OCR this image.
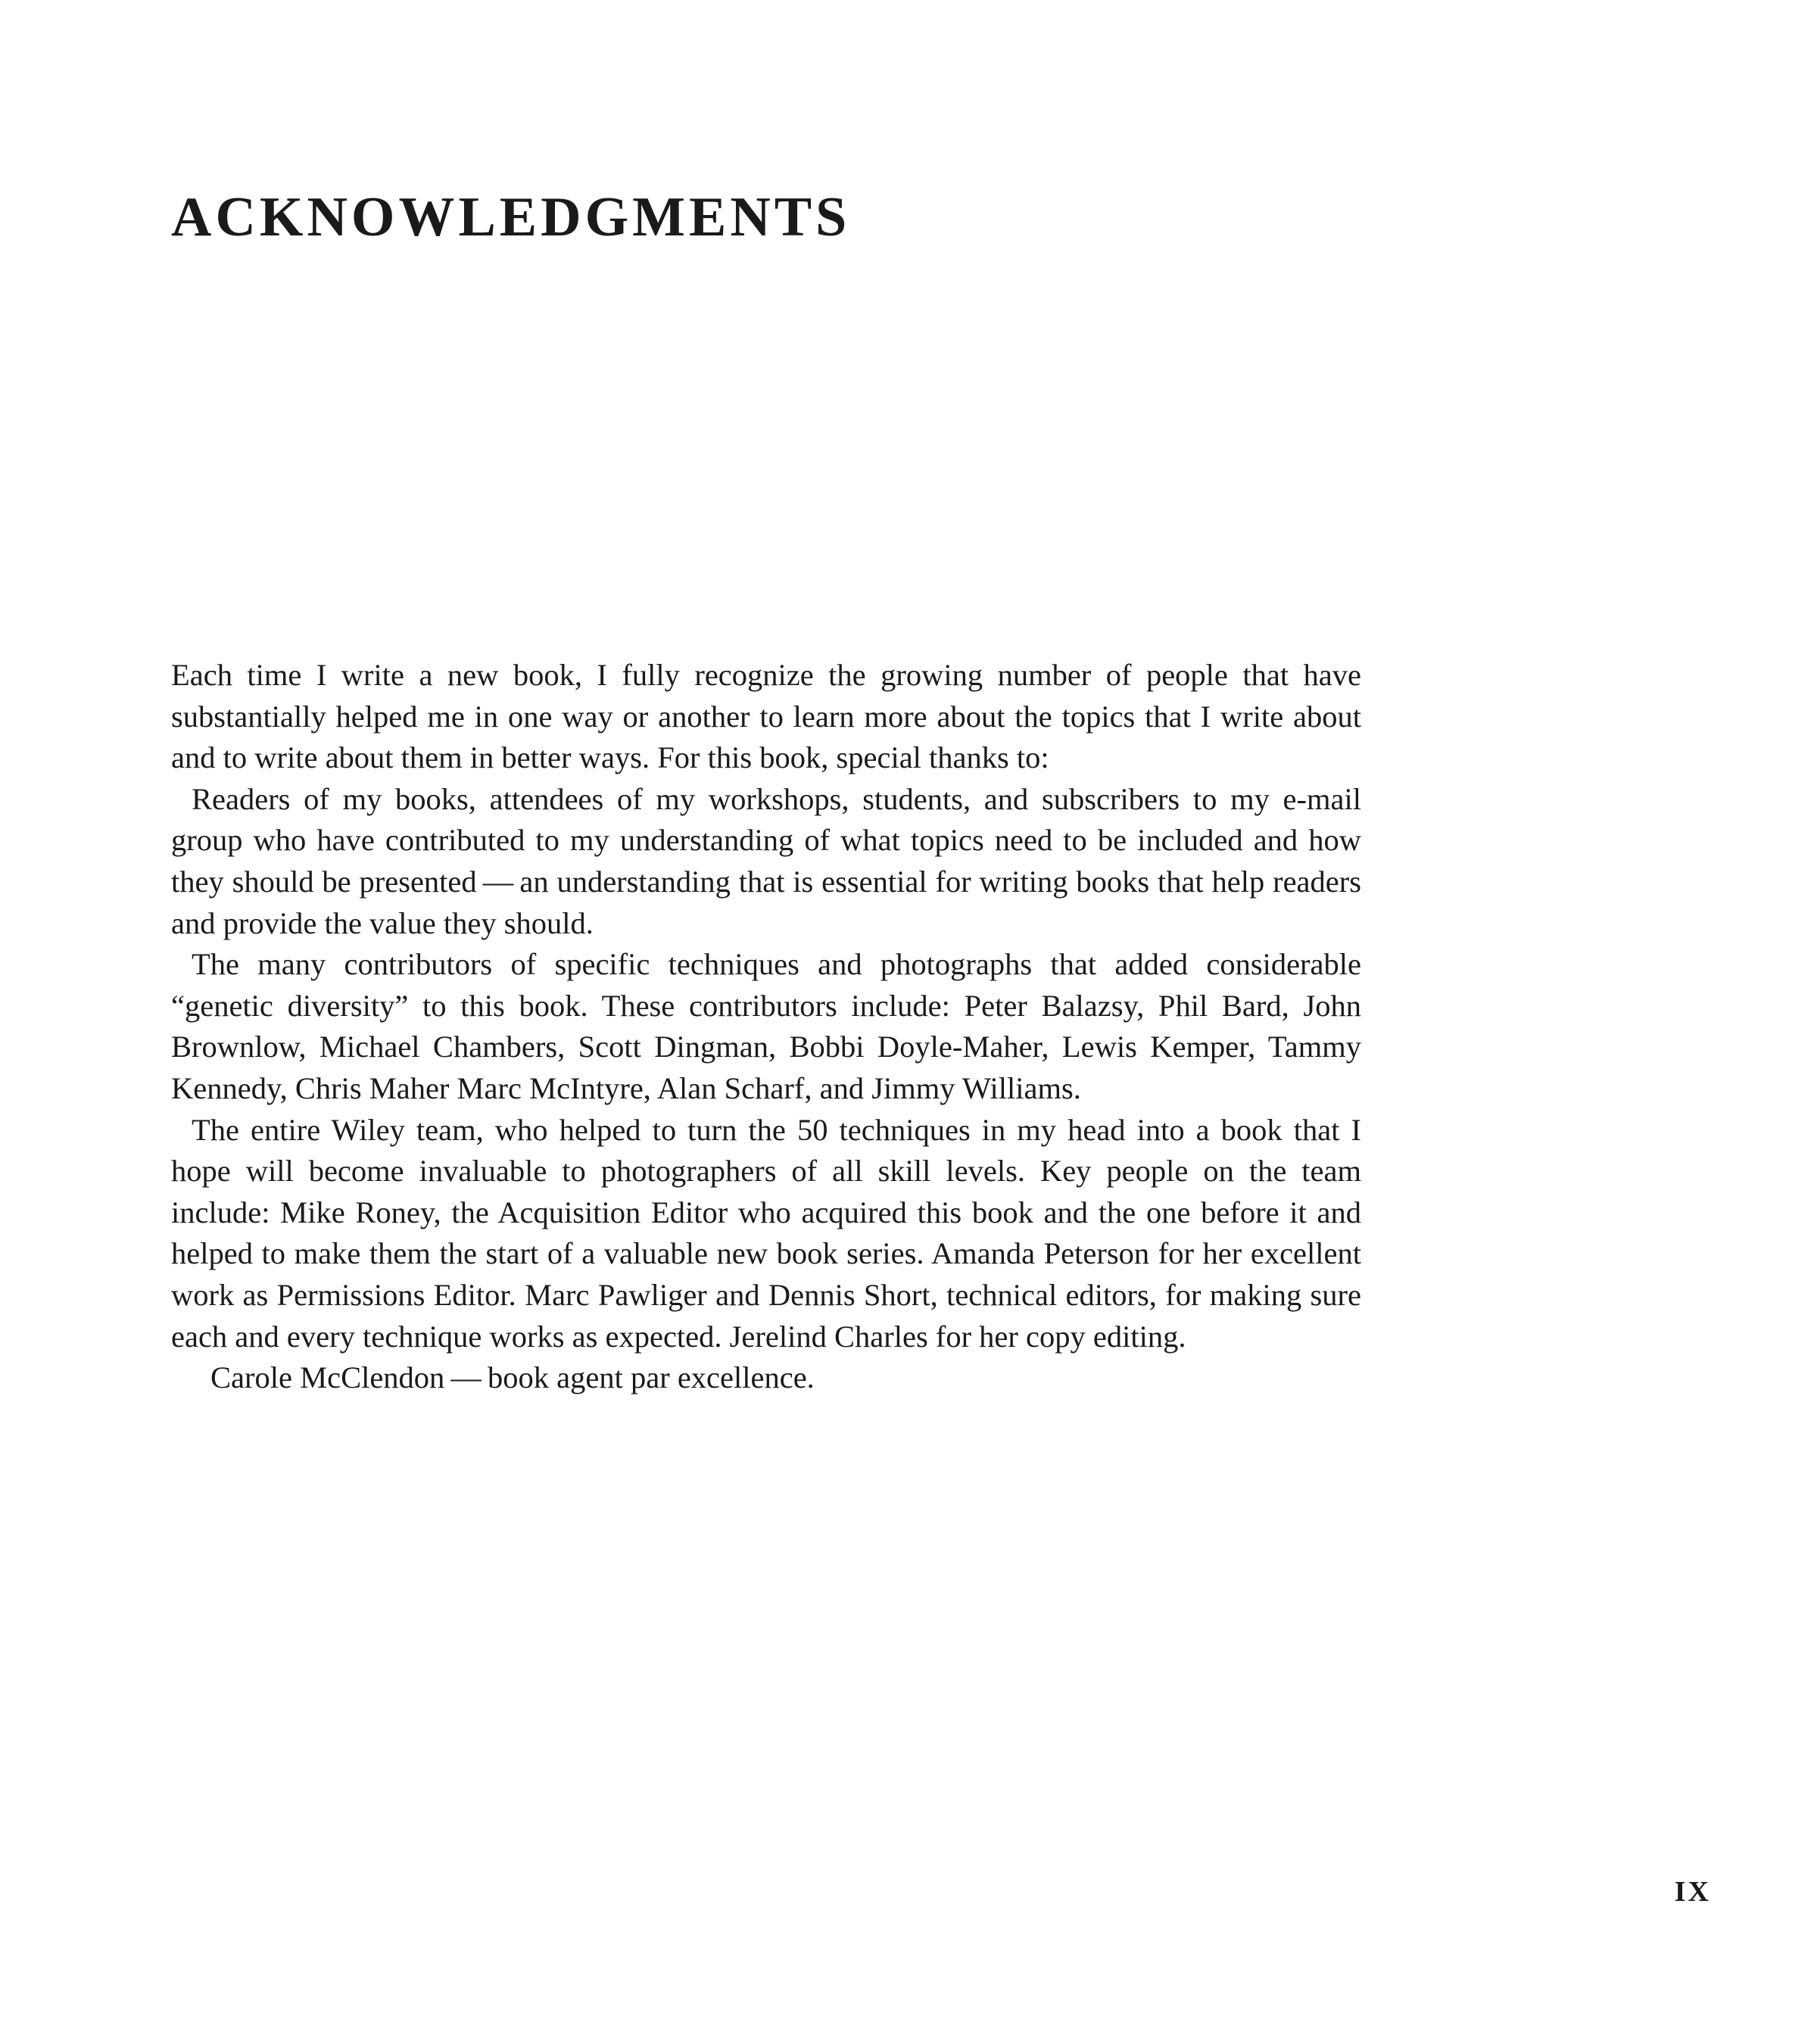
ACKNOWLEDGMENTS

Each time I write a new book, I fully recognize the growing number of people that have substantially helped me in one way or another to learn more about the topics that I write about and to write about them in better ways. For this book, special thanks to:

Readers of my books, attendees of my workshops, students, and subscribers to my e-mail group who have contributed to my understanding of what topics need to be included and how they should be presented — an understanding that is essential for writing books that help readers and provide the value they should.

The many contributors of specific techniques and photographs that added considerable “genetic diversity” to this book. These contributors include: Peter Balazsy, Phil Bard, John Brownlow, Michael Chambers, Scott Dingman, Bobbi Doyle-Maher, Lewis Kemper, Tammy Kennedy, Chris Maher Marc McIntyre, Alan Scharf, and Jimmy Williams.

The entire Wiley team, who helped to turn the 50 techniques in my head into a book that I hope will become invaluable to photographers of all skill levels. Key people on the team include: Mike Roney, the Acquisition Editor who acquired this book and the one before it and helped to make them the start of a valuable new book series. Amanda Peterson for her excellent work as Permissions Editor. Marc Pawliger and Dennis Short, technical editors, for making sure each and every technique works as expected. Jerelind Charles for her copy editing.

Carole McClendon — book agent par excellence.

IX
